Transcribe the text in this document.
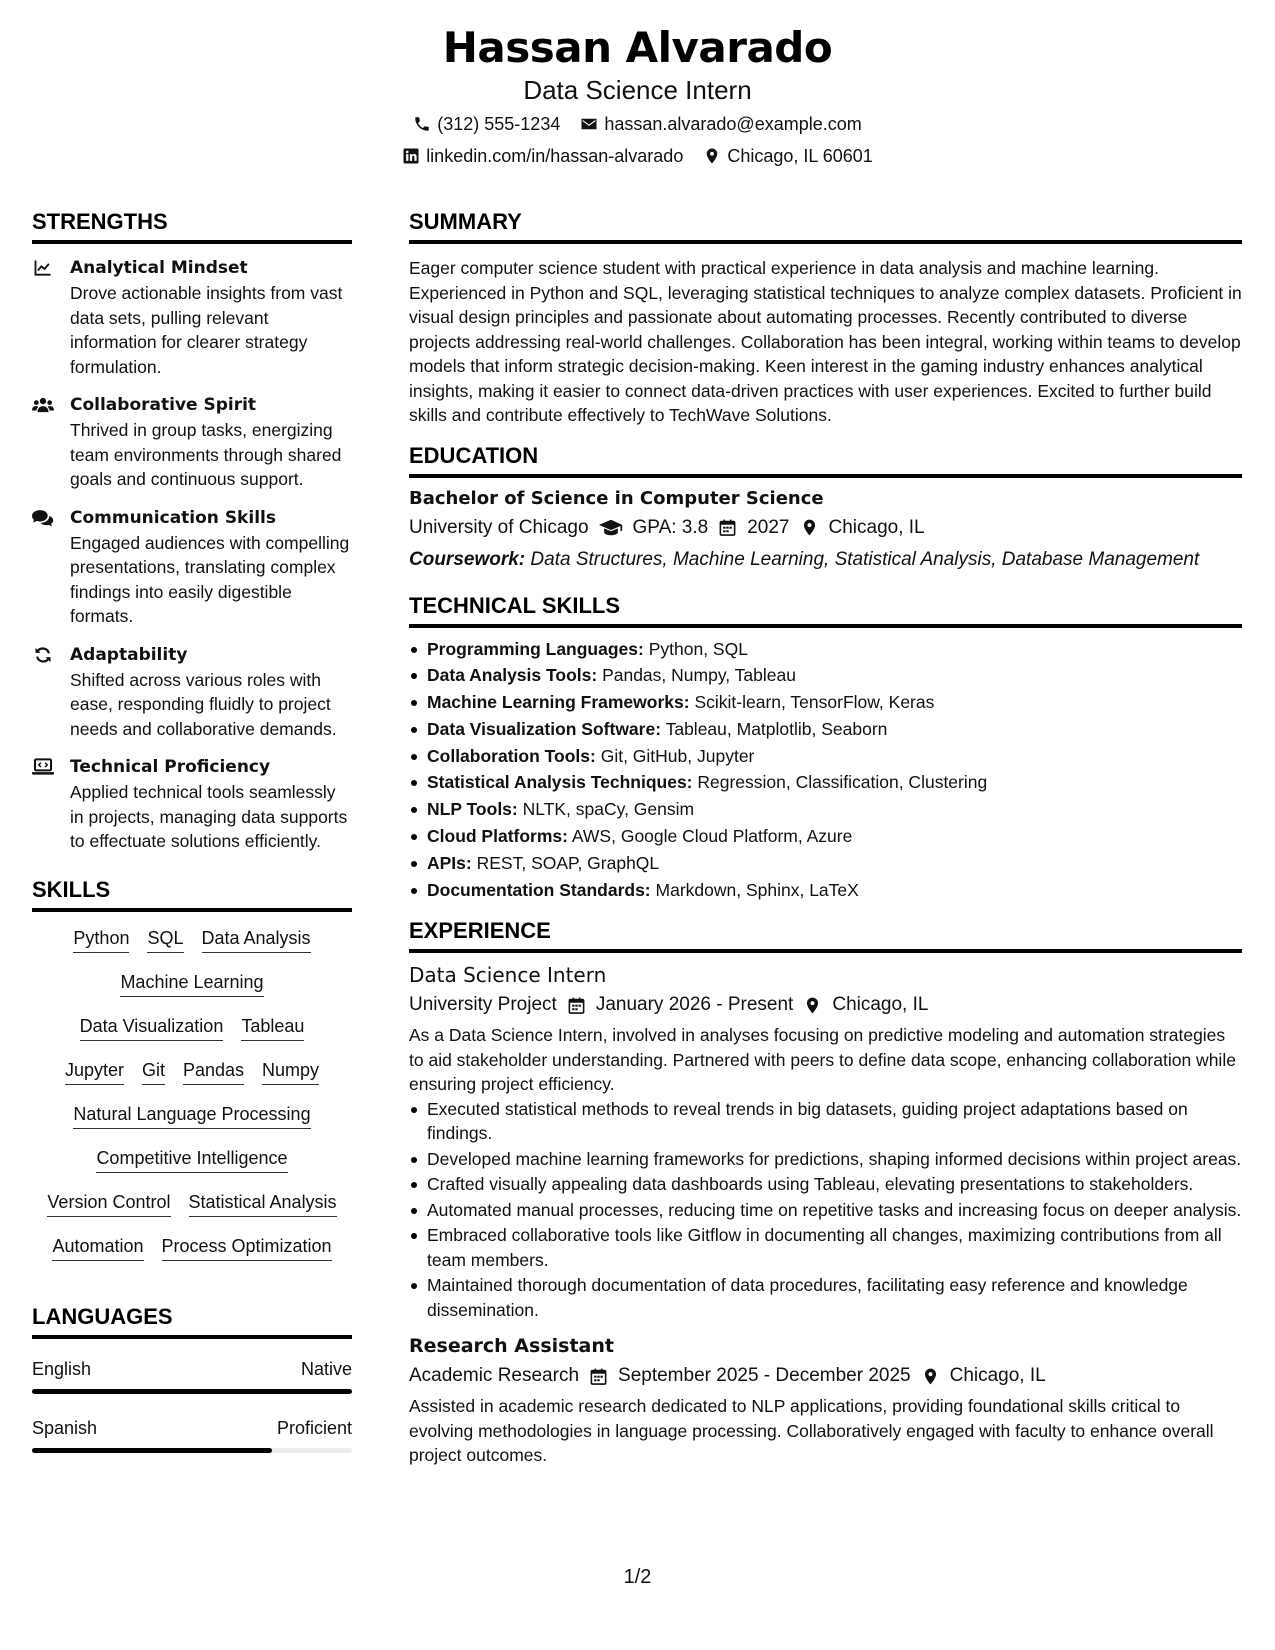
Hassan Alvarado
Data Science Intern
(312) 555-1234 hassan.alvarado@example.com
linkedin.com/in/hassan-alvarado Chicago, IL 60601
STRENGTHS
Analytical Mindset
Drove actionable insights from vast data sets, pulling relevant information for clearer strategy formulation.
Collaborative Spirit
Thrived in group tasks, energizing team environments through shared goals and continuous support.
Communication Skills
Engaged audiences with compelling presentations, translating complex findings into easily digestible formats.
Adaptability
Shifted across various roles with ease, responding fluidly to project needs and collaborative demands.
Technical Proficiency
Applied technical tools seamlessly in projects, managing data supports to effectuate solutions efficiently.
SKILLS
Python SQL Data Analysis
Machine Learning
Data Visualization Tableau
Jupyter Git Pandas Numpy
Natural Language Processing
Competitive Intelligence
Version Control Statistical Analysis
Automation Process Optimization
LANGUAGES
English	Native
Spanish	Proficient
SUMMARY
Eager computer science student with practical experience in data analysis and machine learning. Experienced in Python and SQL, leveraging statistical techniques to analyze complex datasets. Proficient in visual design principles and passionate about automating processes. Recently contributed to diverse projects addressing real-world challenges. Collaboration has been integral, working within teams to develop models that inform strategic decision-making. Keen interest in the gaming industry enhances analytical insights, making it easier to connect data-driven practices with user experiences. Excited to further build skills and contribute effectively to TechWave Solutions.
EDUCATION
Bachelor of Science in Computer Science
University of Chicago GPA: 3.8 2027 Chicago, IL
Coursework: Data Structures, Machine Learning, Statistical Analysis, Database Management
TECHNICAL SKILLS
Programming Languages: Python, SQL
Data Analysis Tools: Pandas, Numpy, Tableau
Machine Learning Frameworks: Scikit-learn, TensorFlow, Keras
Data Visualization Software: Tableau, Matplotlib, Seaborn
Collaboration Tools: Git, GitHub, Jupyter
Statistical Analysis Techniques: Regression, Classification, Clustering
NLP Tools: NLTK, spaCy, Gensim
Cloud Platforms: AWS, Google Cloud Platform, Azure
APIs: REST, SOAP, GraphQL
Documentation Standards: Markdown, Sphinx, LaTeX
EXPERIENCE
Data Science Intern
University Project January 2026 - Present Chicago, IL
As a Data Science Intern, involved in analyses focusing on predictive modeling and automation strategies to aid stakeholder understanding. Partnered with peers to define data scope, enhancing collaboration while ensuring project efficiency.
Executed statistical methods to reveal trends in big datasets, guiding project adaptations based on findings.
Developed machine learning frameworks for predictions, shaping informed decisions within project areas.
Crafted visually appealing data dashboards using Tableau, elevating presentations to stakeholders.
Automated manual processes, reducing time on repetitive tasks and increasing focus on deeper analysis.
Embraced collaborative tools like Gitflow in documenting all changes, maximizing contributions from all team members.
Maintained thorough documentation of data procedures, facilitating easy reference and knowledge dissemination.
Research Assistant
Academic Research September 2025 - December 2025 Chicago, IL
Assisted in academic research dedicated to NLP applications, providing foundational skills critical to evolving methodologies in language processing. Collaboratively engaged with faculty to enhance overall project outcomes.
1/2
